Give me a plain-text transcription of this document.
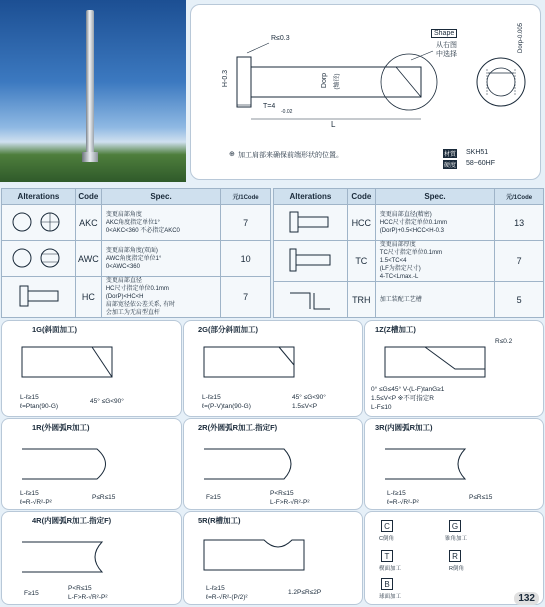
R≤0.3
Shape
从右图
中选择
H-0.3	Dorp	(轴径)
T=4
-0.02
L
Dorp-0.005
⊕ 加工肩部来确保前端形状的位置。	材質 SKH51
硬度 58~60HF
Alterations	Code	Spec.	元/1Code
	AKC	变更肩部角度
AKC角度指定单位1°
0<AKC<360 不必指定AKC0	7
	AWC	变更肩部角度(双面)
AWC角度指定单位1°
0<AWC<360	10
	HC	变更肩部直径
HC尺寸指定单位0.1mm
(DorP)<HC<H
肩部宽径依公差关系, 有时
会加工为无肩型直杆	7
Alterations	Code	Spec.	元/1Code
	HCC	变更肩部直径(精密)
HCC尺寸指定单位0.1mm
(DorP)+0.5<HCC<H-0.3	13
	TC	变更肩部厚度
TC尺寸指定单位0.1mm
1.5<TC<4
(LF为指定尺寸)
4-TC<Lmax.-L	7
	TRH	加工装配工艺槽	5
1G(斜面加工)
L-ℓ≥15
ℓ=Ptan(90-G)
45° ≤G<90°
2G(部分斜面加工)
L-ℓ≥15
ℓ=(P-V)tan(90-G)
45° ≤G<90°
1.5≤V<P
1Z(Z槽加工)
R≤0.2
0° ≤G≤45° V-(L-F)tanG≥1
1.5≤V<P ※不可指定R
L-F≤10
1R(外圆弧R加工)
L-ℓ≥15
ℓ=R-√R²-P²
P≤R≤15
2R(外圆弧R加工.指定F)
F≥15
P<R≤15
L-F>R-√R²-P²
3R(内圆弧R加工)
L-ℓ≥15
ℓ=R-√R²-P²
P≤R≤15
4R(内圆弧R加工.指定F)
F≥15
P<R≤15
L-F>R-√R²-P²
5R(R槽加工)
L-ℓ≥15
ℓ=R-√R²-(P/2)²
1.2P≤R≤2P
C
C倒角
G
锥角加工
T
楔面加工
R
R倒角
B
球面加工	132
